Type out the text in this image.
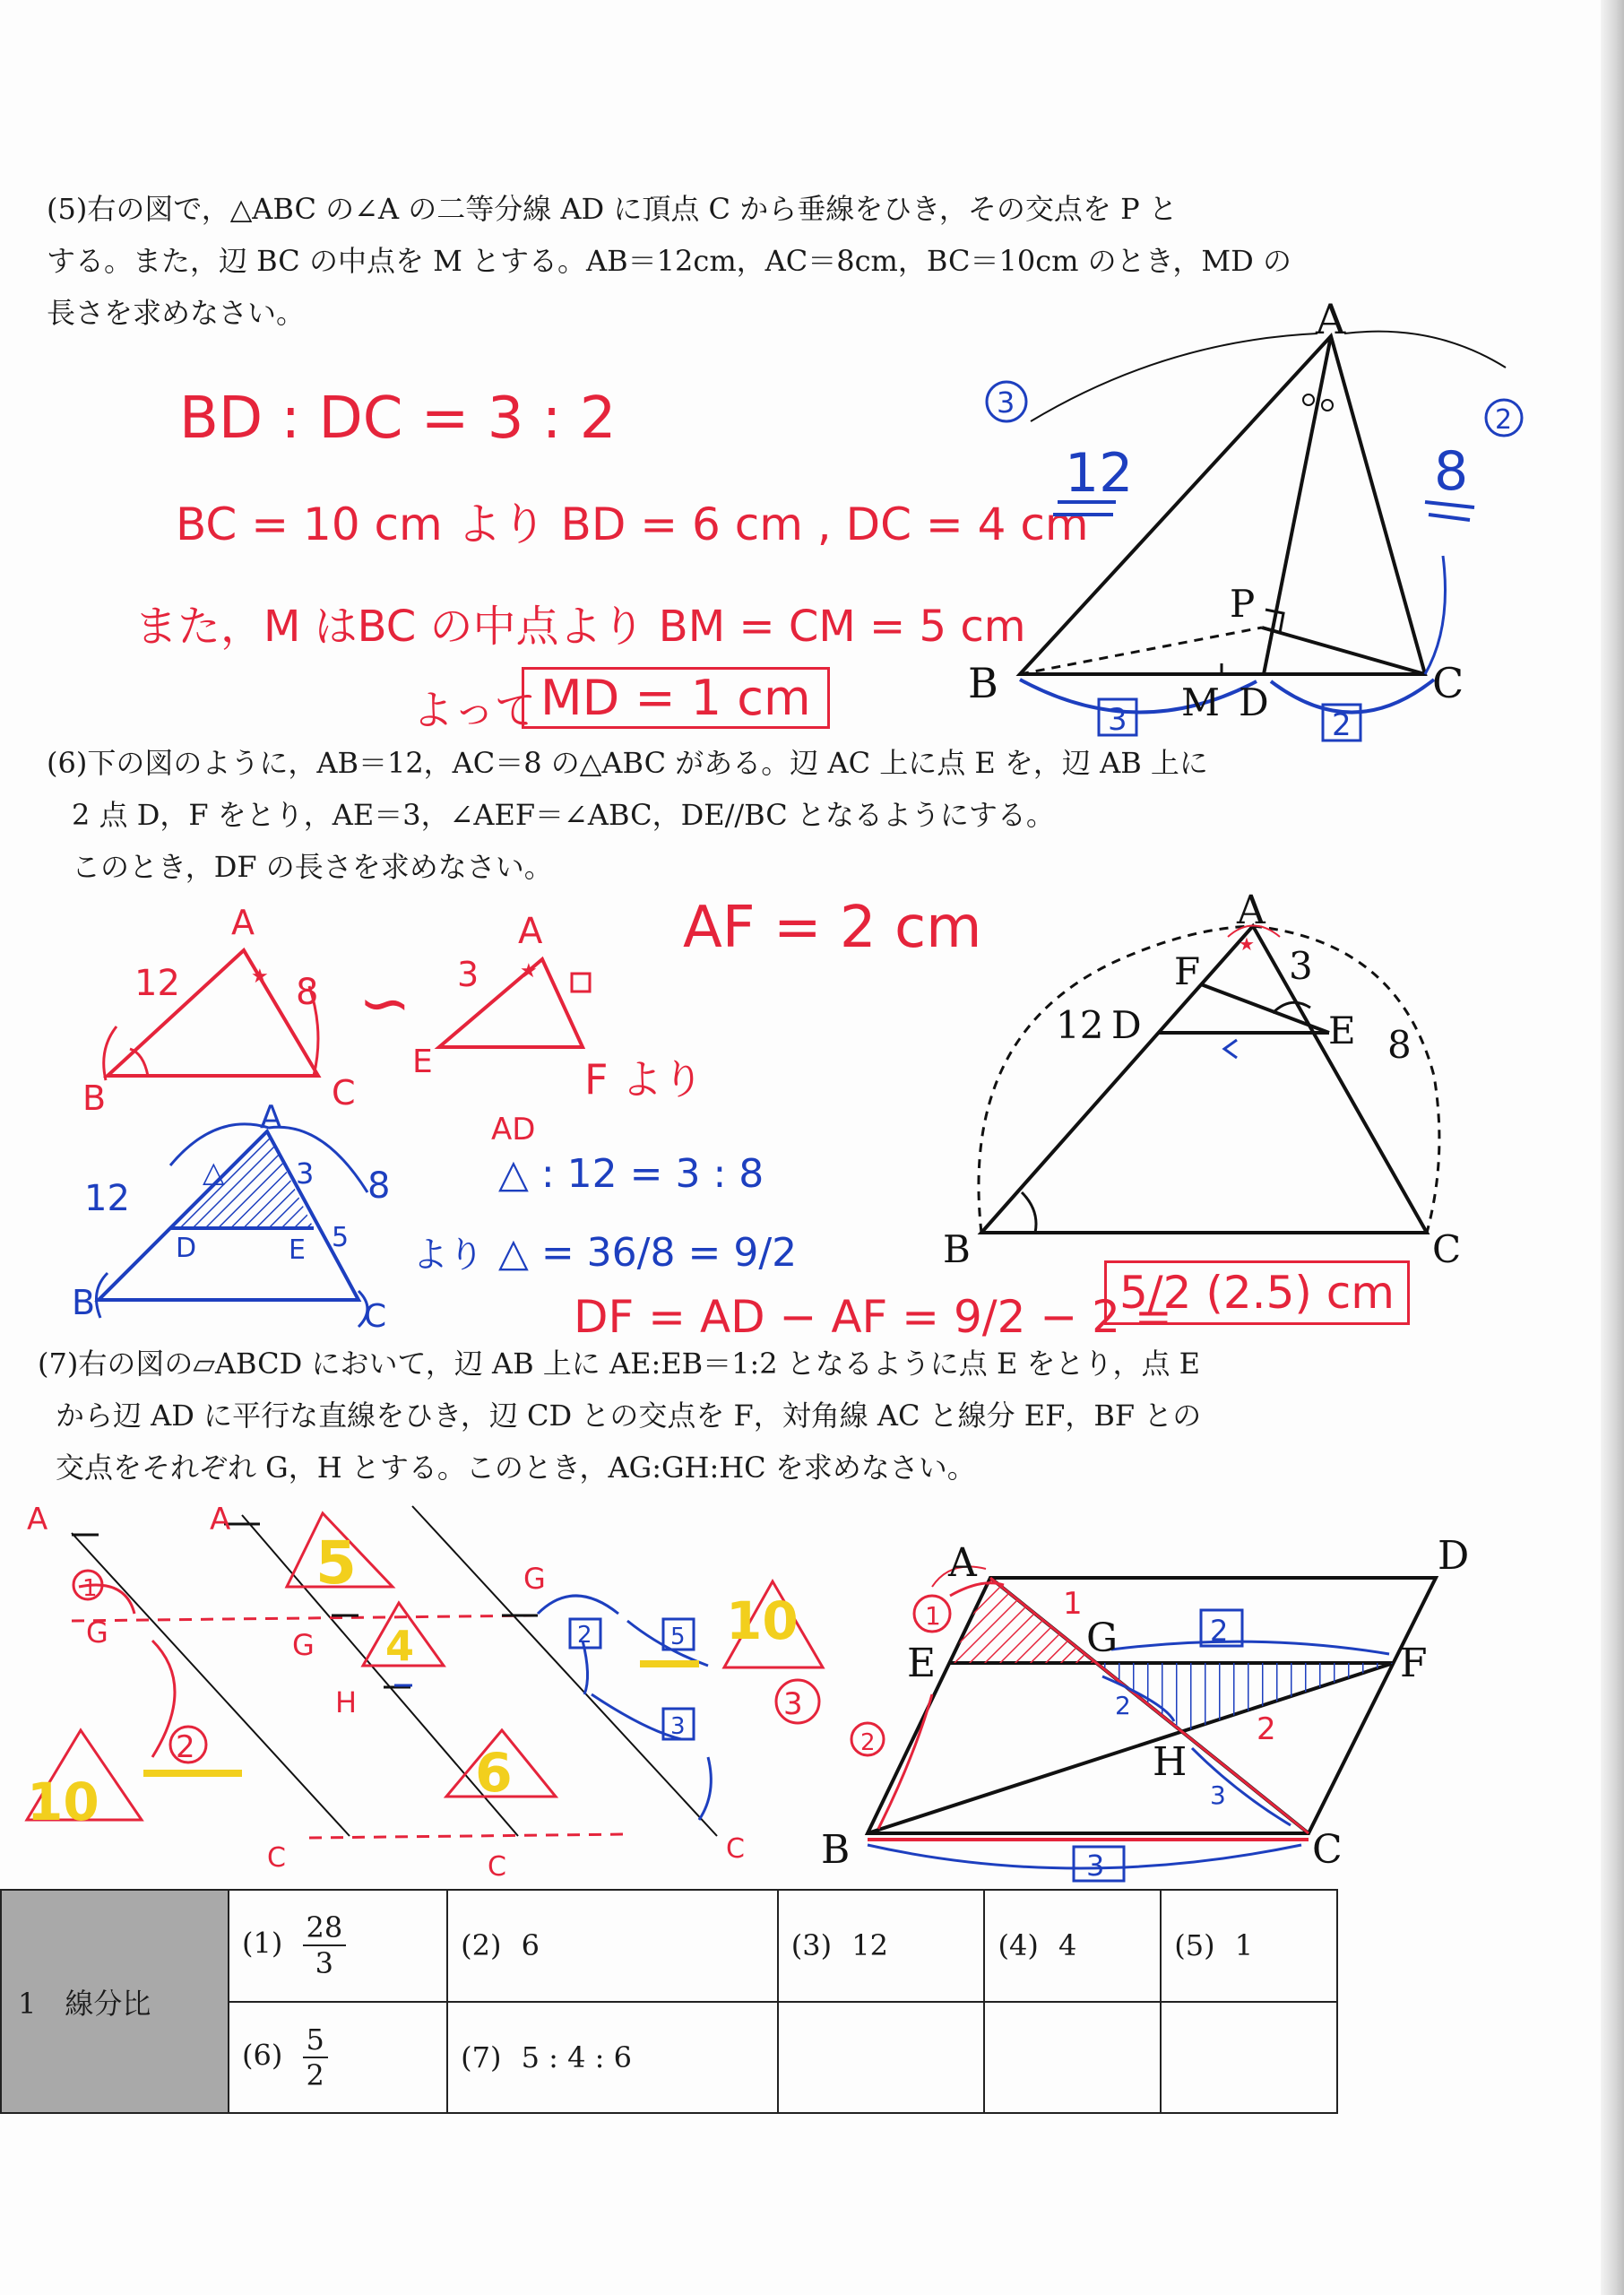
(5)右の図で，△ABC の∠A の二等分線 AD に頂点 C から垂線をひき，その交点を P と
する。また，辺 BC の中点を M とする。AB＝12cm，AC＝8cm，BC＝10cm のとき，MD の
長さを求めなさい。
BD : DC = 3 : 2
BC = 10 cm より BD = 6 cm , DC = 4 cm
また，M はBC の中点より BM = CM = 5 cm
よって MD = 1 cm
(6)下の図のように，AB＝12，AC＝8 の△ABC がある。辺 AC 上に点 E を，辺 AB 上に
2 点 D，F をとり，AE＝3，∠AEF＝∠ABC，DE//BC となるようにする。
このとき，DF の長さを求めなさい。
AF = 2 cm
∽
F より
AD
△ : 12 = 3 : 8
△ = 36/8 = 9/2
より
DF = AD − AF = 9/2 − 2 =
5/2 (2.5) cm
(7)右の図の▱ABCD において，辺 AB 上に AE:EB＝1:2 となるように点 E をとり，点 E
から辺 AD に平行な直線をひき，辺 CD との交点を F，対角線 AC と線分 EF，BF との
交点をそれぞれ G，H とする。このとき，AG:GH:HC を求めなさい。
A
B	C
P
M D
12	8
3
2
3	2
A
12	8
B	C
A
3
E
★
★
A
△ 3 8
12
D	E 5
B	C
★
A
F 3
12 D	E 8
B	C
A	A
1
G	G
G
H
C	C
C
2
3
5
4
6
10
10
2	5
3
A	D
E
G
F
H
B	C
1	1
2	2
2
2
3
3
1　線分比	$(1) \frac{28}{3}$	(2) 6	(3) 12	(4) 4	(5) 1
	$(6) \frac{5}{2}$	(7) 5 : 4 : 6			
